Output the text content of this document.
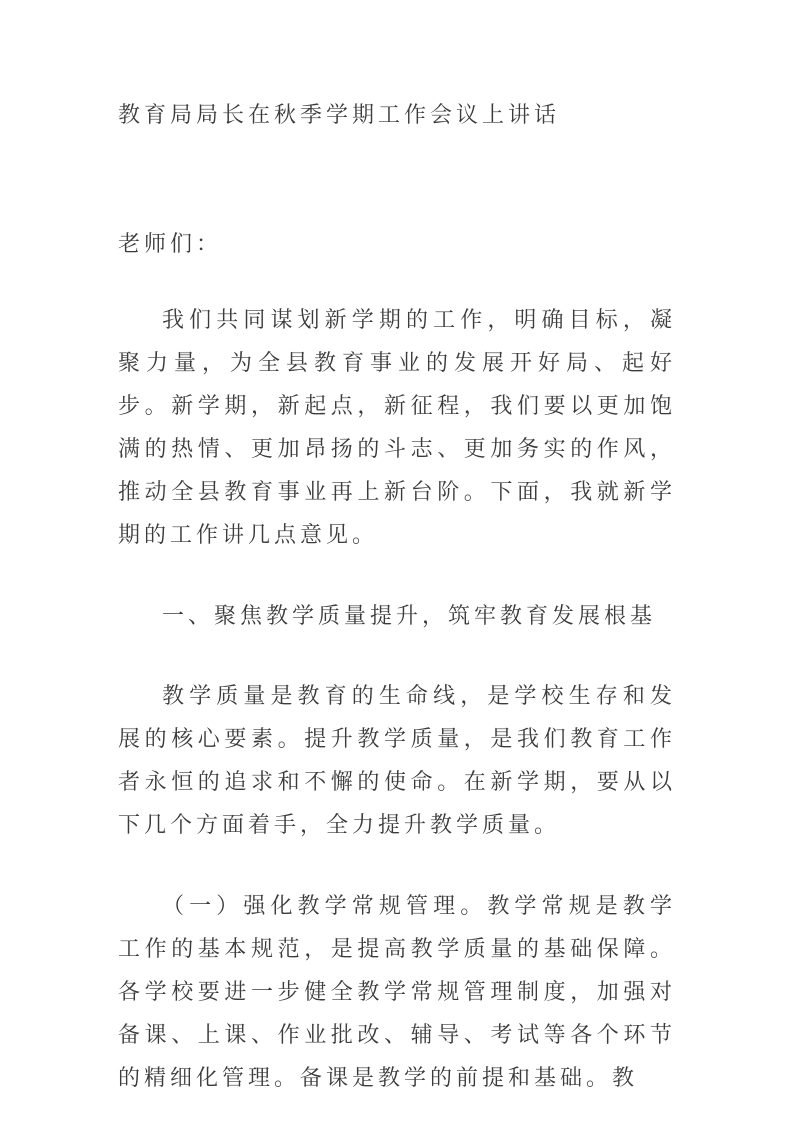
教育局局长在秋季学期工作会议上讲话
老师们：

我们共同谋划新学期的工作，明确目标，凝聚力量，为全县教育事业的发展开好局、起好步。新学期，新起点，新征程，我们要以更加饱满的热情、更加昂扬的斗志、更加务实的作风，推动全县教育事业再上新台阶。下面，我就新学期的工作讲几点意见。

一、聚焦教学质量提升，筑牢教育发展根基

教学质量是教育的生命线，是学校生存和发展的核心要素。提升教学质量，是我们教育工作者永恒的追求和不懈的使命。在新学期，要从以下几个方面着手，全力提升教学质量。

（一）强化教学常规管理。教学常规是教学工作的基本规范，是提高教学质量的基础保障。各学校要进一步健全教学常规管理制度，加强对备课、上课、作业批改、辅导、考试等各个环节的精细化管理。备课是教学的前提和基础。教
